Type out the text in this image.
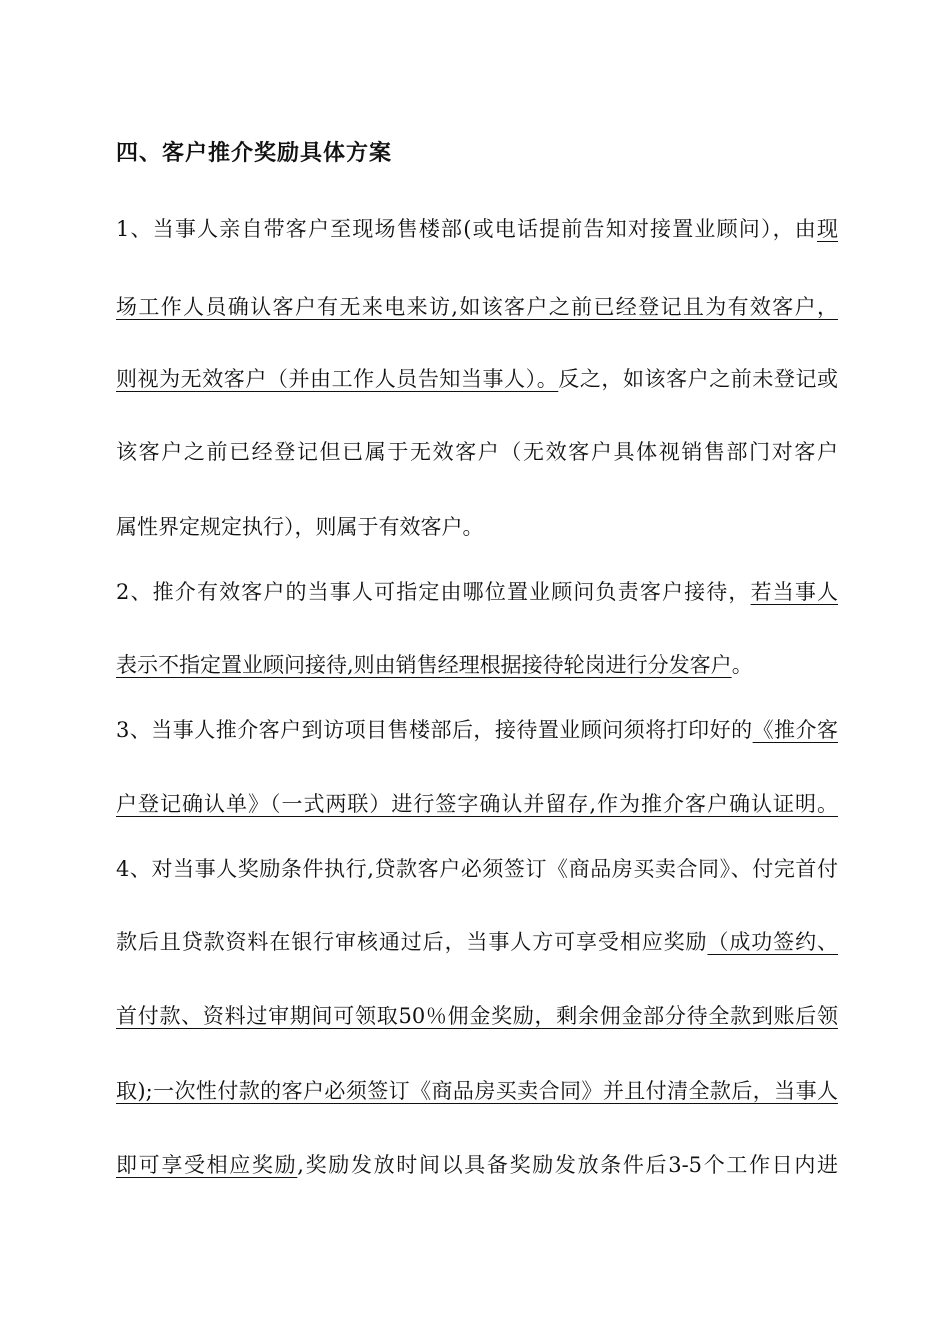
四、客户推介奖励具体方案
1、当事人亲自带客户至现场售楼部(或电话提前告知对接置业顾问），由现
场工作人员确认客户有无来电来访,如该客户之前已经登记且为有效客户，
则视为无效客户（并由工作人员告知当事人）。反之，如该客户之前未登记或
该客户之前已经登记但已属于无效客户（无效客户具体视销售部门对客户
属性界定规定执行），则属于有效客户。
2、推介有效客户的当事人可指定由哪位置业顾问负责客户接待，若当事人
表示不指定置业顾问接待,则由销售经理根据接待轮岗进行分发客户。
3、当事人推介客户到访项目售楼部后，接待置业顾问须将打印好的《推介客
户登记确认单》（一式两联）进行签字确认并留存,作为推介客户确认证明。
4、对当事人奖励条件执行,贷款客户必须签订《商品房买卖合同》、付完首付
款后且贷款资料在银行审核通过后，当事人方可享受相应奖励（成功签约、
首付款、资料过审期间可领取50％佣金奖励，剩余佣金部分待全款到账后领
取);一次性付款的客户必须签订《商品房买卖合同》并且付清全款后，当事人
即可享受相应奖励,奖励发放时间以具备奖励发放条件后3-5个工作日内进
